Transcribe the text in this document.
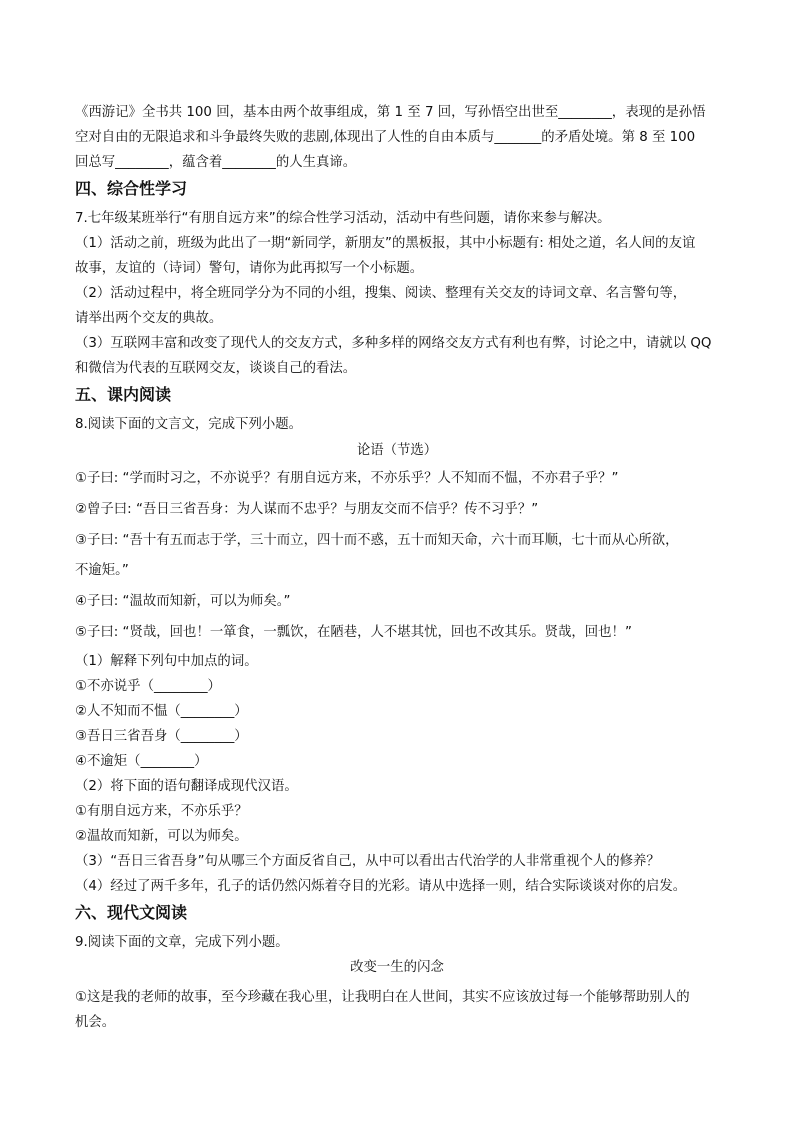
《西游记》全书共 100 回，基本由两个故事组成，第 1 至 7 回，写孙悟空出世至________，表现的是孙悟
空对自由的无限追求和斗争最终失败的悲剧,体现出了人性的自由本质与_______的矛盾处境。第 8 至 100
回总写________，蕴含着________的人生真谛。
四、综合性学习
7.七年级某班举行“有朋自远方来”的综合性学习活动，活动中有些问题，请你来参与解决。
（1）活动之前，班级为此出了一期“新同学，新朋友”的黑板报，其中小标题有: 相处之道，名人间的友谊
故事，友谊的（诗词）警句，请你为此再拟写一个小标题。
（2）活动过程中，将全班同学分为不同的小组，搜集、阅读、整理有关交友的诗词文章、名言警句等，
请举出两个交友的典故。
（3）互联网丰富和改变了现代人的交友方式，多种多样的网络交友方式有利也有弊，讨论之中，请就以 QQ
和微信为代表的互联网交友，谈谈自己的看法。
五、课内阅读
8.阅读下面的文言文，完成下列小题。
论语（节选）
①子曰: “学而时习之，不亦说乎？有朋自远方来，不亦乐乎？人不知而不愠，不亦君子乎？”
②曾子曰: “吾日三省吾身：为人谋而不忠乎？与朋友交而不信乎？传不习乎？”
③子曰: “吾十有五而志于学，三十而立，四十而不惑，五十而知天命，六十而耳顺，七十而从心所欲，
不逾矩。”
④子曰: “温故而知新，可以为师矣。”
⑤子曰: “贤哉，回也！一箪食，一瓢饮，在陋巷，人不堪其忧，回也不改其乐。贤哉，回也！”
（1）解释下列句中加点的词。
①不亦说乎（________）
②人不知而不愠（________）
③吾日三省吾身（________）
④不逾矩（________）
（2）将下面的语句翻译成现代汉语。
①有朋自远方来，不亦乐乎？
②温故而知新，可以为师矣。
（3）“吾日三省吾身”句从哪三个方面反省自己，从中可以看出古代治学的人非常重视个人的修养？
（4）经过了两千多年，孔子的话仍然闪烁着夺目的光彩。请从中选择一则，结合实际谈谈对你的启发。
六、现代文阅读
9.阅读下面的文章，完成下列小题。
改变一生的闪念
①这是我的老师的故事，至今珍藏在我心里，让我明白在人世间，其实不应该放过每一个能够帮助别人的
机会。
